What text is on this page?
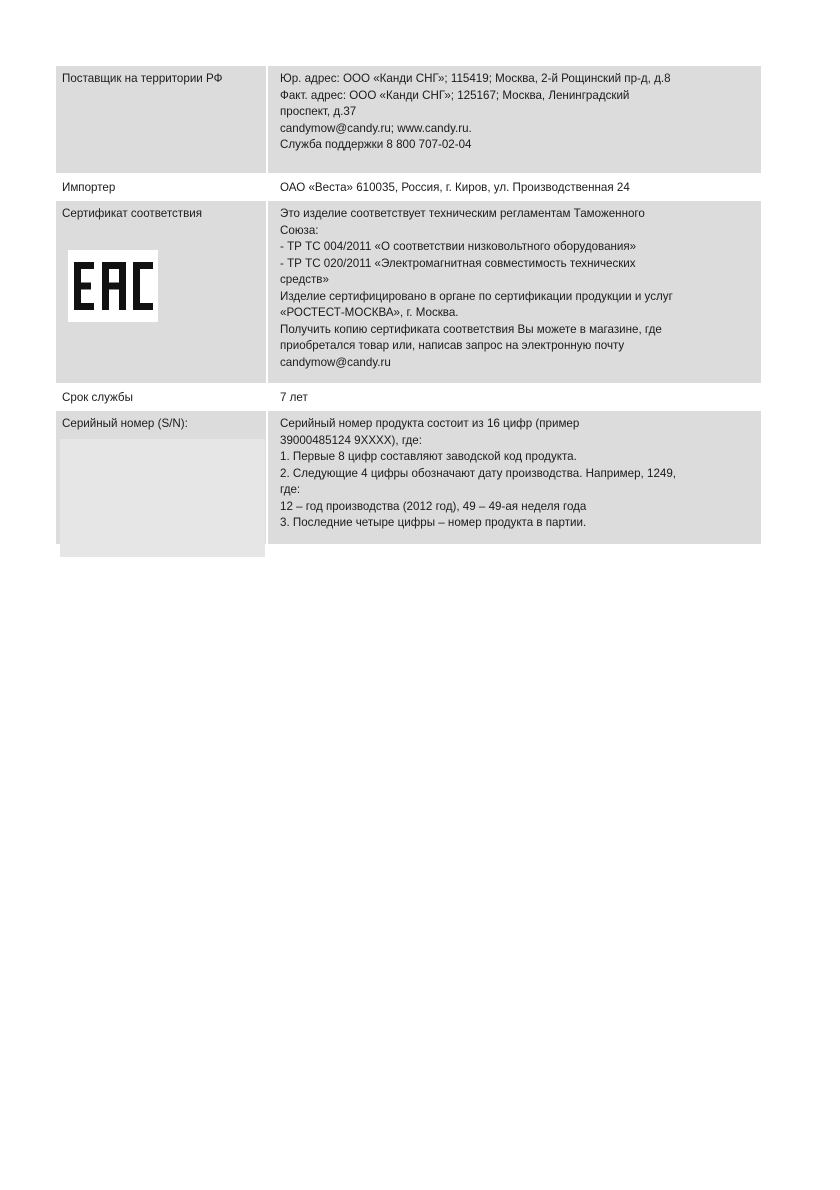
Поставщик на территории РФ	Юр. адрес: ООО «Канди СНГ»; 115419; Москва, 2-й Рощинский пр-д, д.8
Факт. адрес: ООО «Канди СНГ»; 125167; Москва, Ленинградский
проспект, д.37
candymow@candy.ru; www.candy.ru.
Служба поддержки 8 800 707-02-04
Импортер	ОАО «Веста» 610035, Россия, г. Киров, ул. Производственная 24
Сертификат соответствия	Это изделие соответствует техническим регламентам Таможенного
Союза:
- ТР ТС 004/2011 «О соответствии низковольтного оборудования»
- ТР ТС 020/2011 «Электромагнитная совместимость технических
средств»
Изделие сертифицировано в органе по сертификации продукции и услуг
«РОСТЕСТ-МОСКВА», г. Москва.
Получить копию сертификата соответствия Вы можете в магазине, где
приобретался товар или, написав запрос на электронную почту
candymow@candy.ru
Срок службы	7 лет
Серийный номер (S/N):	Серийный номер продукта состоит из 16 цифр (пример
39000485124 9XXXX), где:
1. Первые 8 цифр составляют заводской код продукта.
2. Следующие 4 цифры обозначают дату производства. Например, 1249,
где:
12 – год производства (2012 год), 49 – 49-ая неделя года
3. Последние четыре цифры – номер продукта в партии.
